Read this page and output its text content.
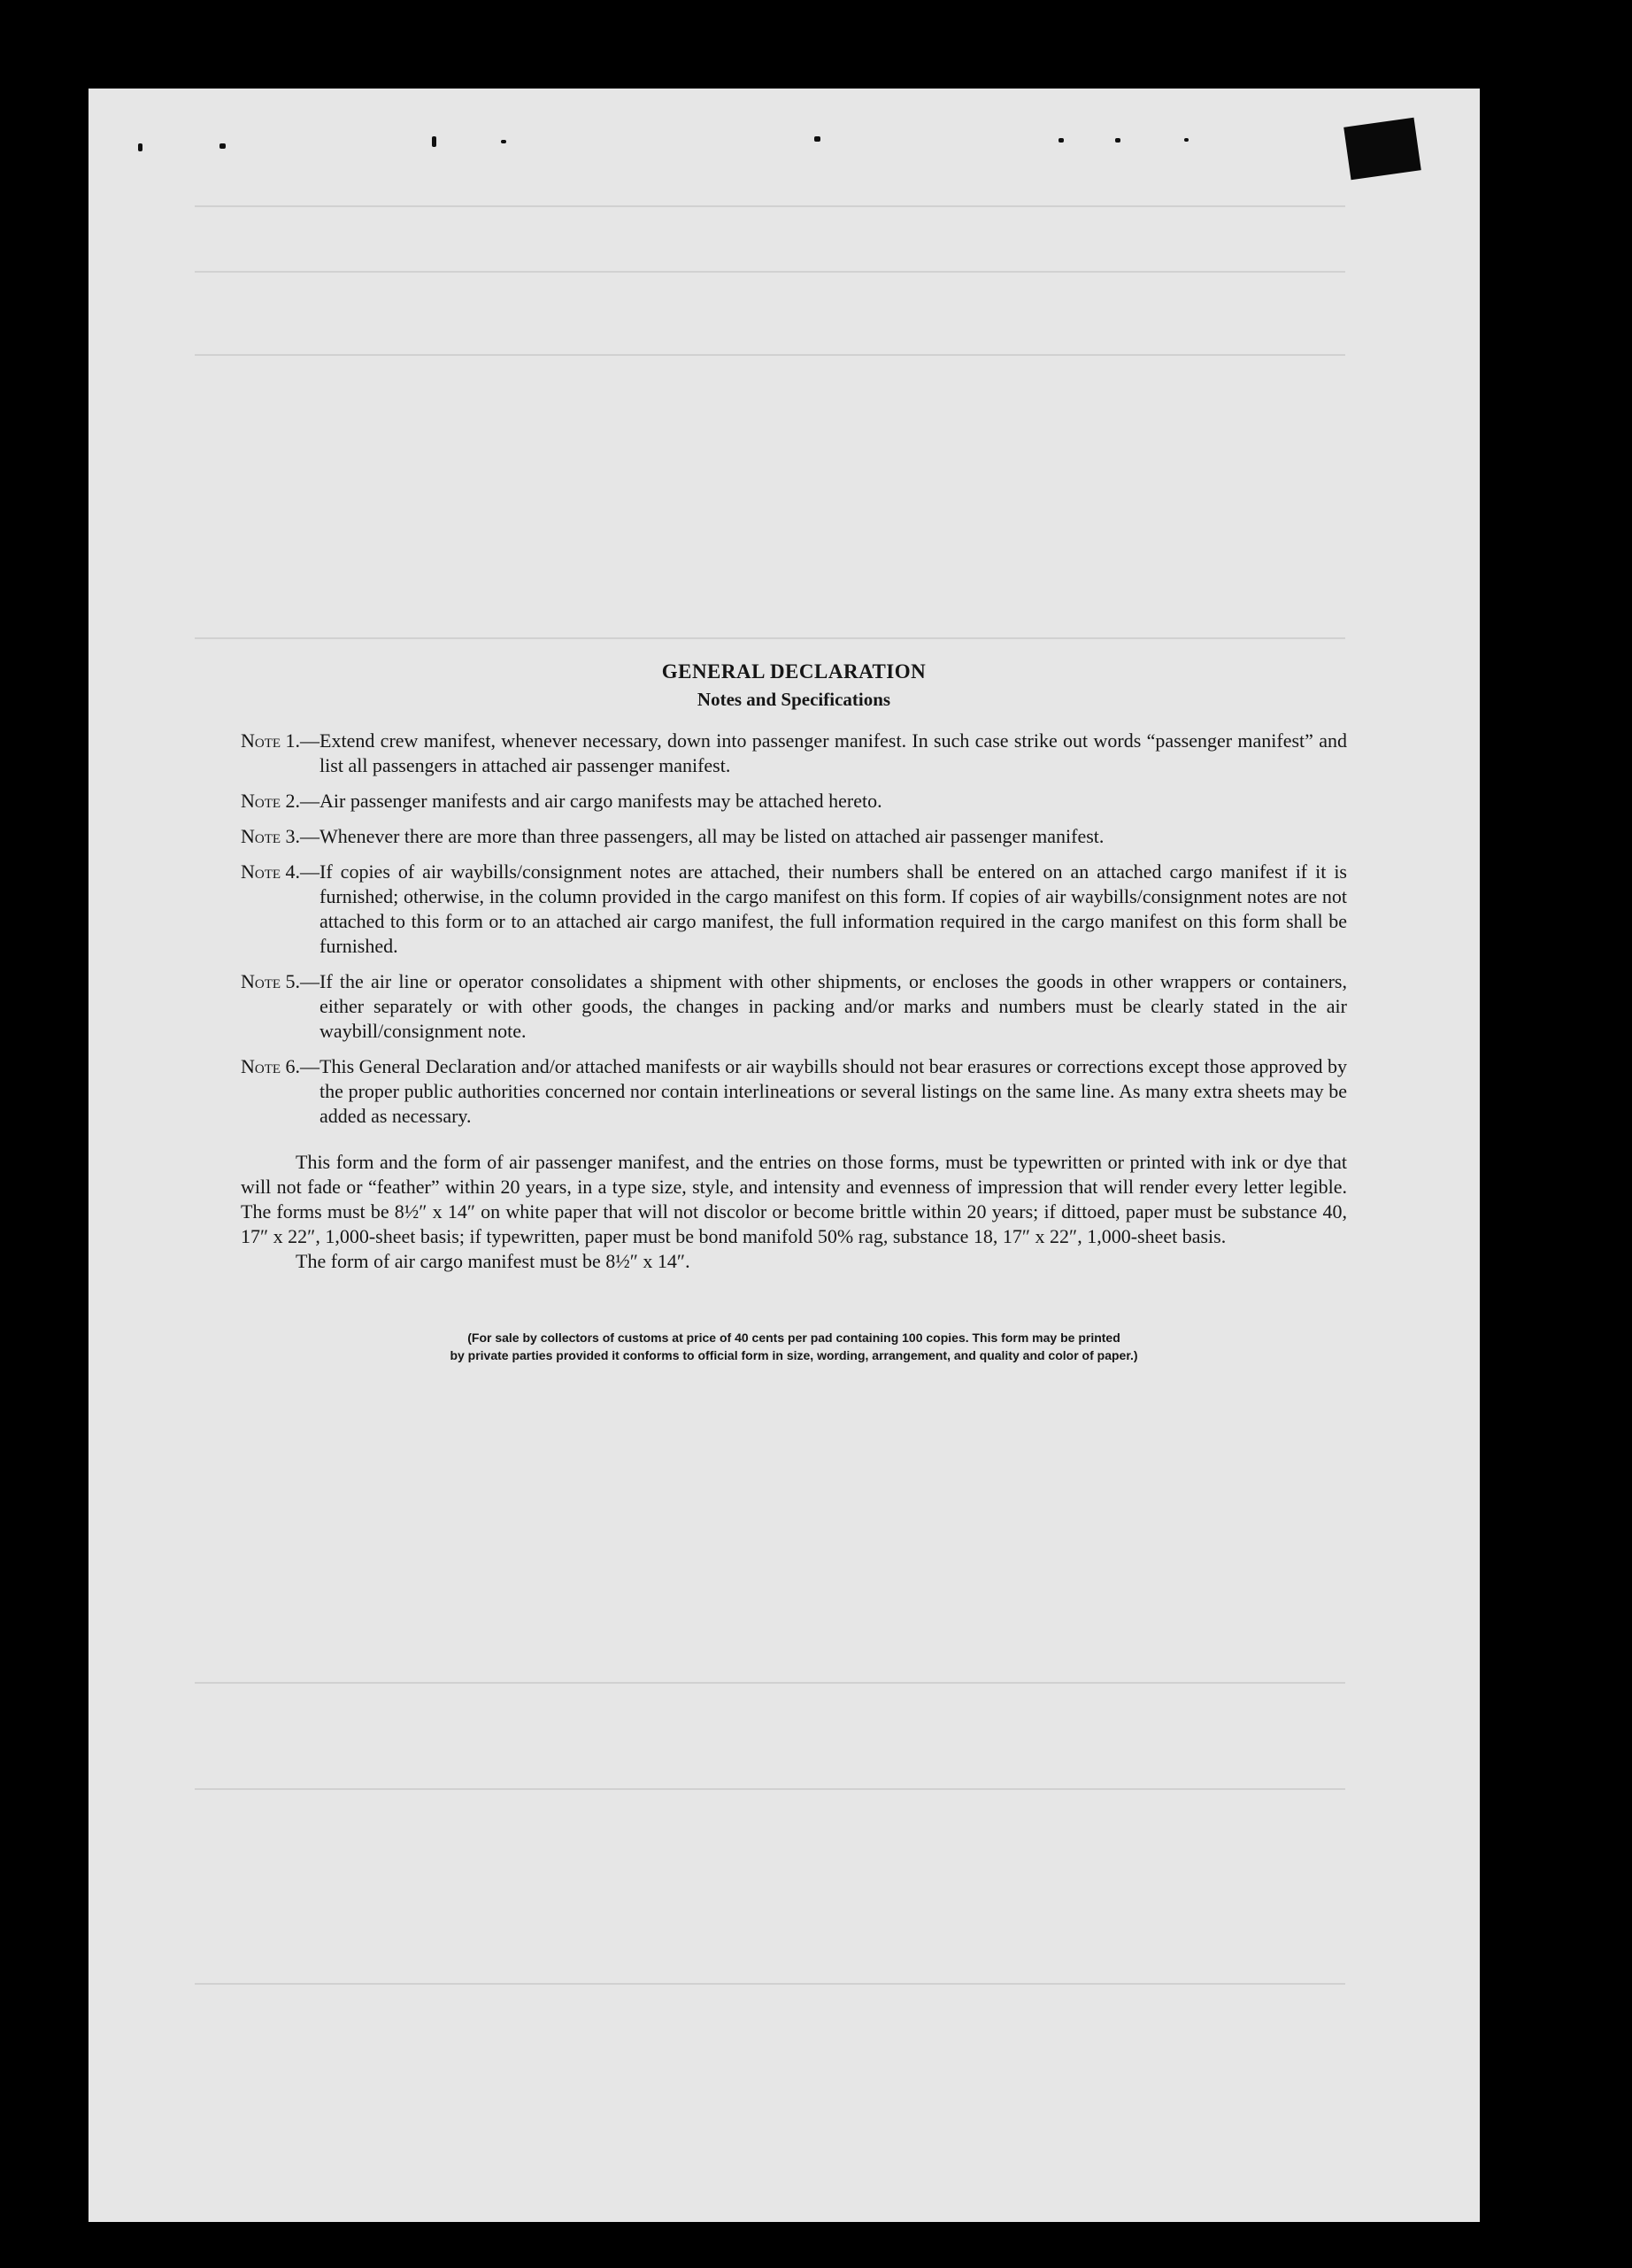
GENERAL DECLARATION
Notes and Specifications
Note 1. — Extend crew manifest, whenever necessary, down into passenger manifest. In such case strike out words “passenger manifest” and list all passengers in attached air passenger manifest.
Note 2. — Air passenger manifests and air cargo manifests may be attached hereto.
Note 3. — Whenever there are more than three passengers, all may be listed on attached air passenger manifest.
Note 4. — If copies of air waybills/consignment notes are attached, their numbers shall be entered on an attached cargo manifest if it is furnished; otherwise, in the column provided in the cargo manifest on this form. If copies of air waybills/consignment notes are not attached to this form or to an attached air cargo manifest, the full information required in the cargo manifest on this form shall be furnished.
Note 5. — If the air line or operator consolidates a shipment with other shipments, or encloses the goods in other wrappers or containers, either separately or with other goods, the changes in packing and/or marks and numbers must be clearly stated in the air waybill/consignment note.
Note 6. — This General Declaration and/or attached manifests or air waybills should not bear erasures or corrections except those approved by the proper public authorities concerned nor contain interlineations or several listings on the same line. As many extra sheets may be added as necessary.
This form and the form of air passenger manifest, and the entries on those forms, must be typewritten or printed with ink or dye that will not fade or “feather” within 20 years, in a type size, style, and intensity and evenness of impression that will render every letter legible. The forms must be 8½″ x 14″ on white paper that will not discolor or become brittle within 20 years; if dittoed, paper must be substance 40, 17″ x 22″, 1,000-sheet basis; if typewritten, paper must be bond manifold 50% rag, substance 18, 17″ x 22″, 1,000-sheet basis.
The form of air cargo manifest must be 8½″ x 14″.
(For sale by collectors of customs at price of 40 cents per pad containing 100 copies. This form may be printed
by private parties provided it conforms to official form in size, wording, arrangement, and quality and color of paper.)
